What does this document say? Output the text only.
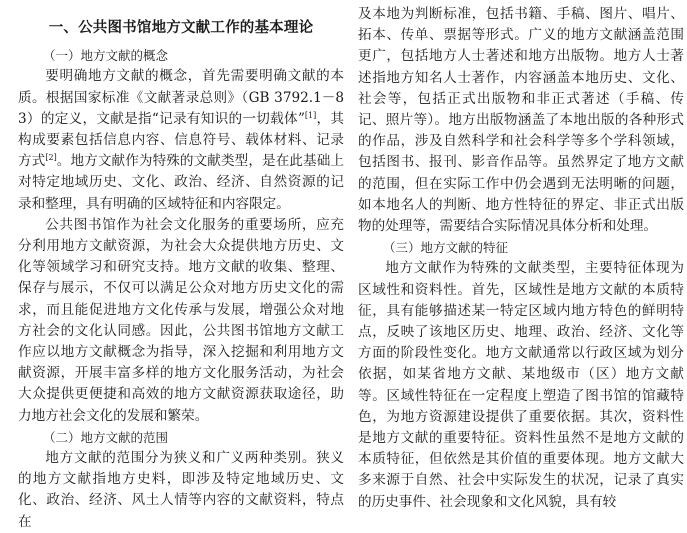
一、公共图书馆地方文献工作的基本理论
（一）地方文献的概念

要明确地方文献的概念，首先需要明确文献的本质。根据国家标准《文献著录总则》（GB 3792.1－83）的定义，文献是指“记录有知识的一切载体”[1]，其构成要素包括信息内容、信息符号、载体材料、记录方式[2]。地方文献作为特殊的文献类型，是在此基础上对特定地域历史、文化、政治、经济、自然资源的记录和整理，具有明确的区域特征和内容限定。

公共图书馆作为社会文化服务的重要场所，应充分利用地方文献资源，为社会大众提供地方历史、文化等领域学习和研究支持。地方文献的收集、整理、保存与展示，不仅可以满足公众对地方历史文化的需求，而且能促进地方文化传承与发展，增强公众对地方社会的文化认同感。因此，公共图书馆地方文献工作应以地方文献概念为指导，深入挖掘和利用地方文献资源，开展丰富多样的地方文化服务活动，为社会大众提供更便捷和高效的地方文献资源获取途径，助力地方社会文化的发展和繁荣。

（二）地方文献的范围

地方文献的范围分为狭义和广义两种类别。狭义的地方文献指地方史料，即涉及特定地域历史、文化、政治、经济、风土人情等内容的文献资料，特点在

及本地为判断标准，包括书籍、手稿、图片、唱片、拓本、传单、票据等形式。广义的地方文献涵盖范围更广，包括地方人士著述和地方出版物。地方人士著述指地方知名人士著作，内容涵盖本地历史、文化、社会等，包括正式出版物和非正式著述（手稿、传记、照片等）。地方出版物涵盖了本地出版的各种形式的作品，涉及自然科学和社会科学等多个学科领域，包括图书、报刊、影音作品等。虽然界定了地方文献的范围，但在实际工作中仍会遇到无法明晰的问题，如本地名人的判断、地方性特征的界定、非正式出版物的处理等，需要结合实际情况具体分析和处理。

（三）地方文献的特征

地方文献作为特殊的文献类型，主要特征体现为区域性和资料性。首先，区域性是地方文献的本质特征，具有能够描述某一特定区域内地方特色的鲜明特点，反映了该地区历史、地理、政治、经济、文化等方面的阶段性变化。地方文献通常以行政区域为划分依据，如某省地方文献、某地级市（区）地方文献等。区域性特征在一定程度上塑造了图书馆的馆藏特色，为地方资源建设提供了重要依据。其次，资料性是地方文献的重要特征。资料性虽然不是地方文献的本质特征，但依然是其价值的重要体现。地方文献大多来源于自然、社会中实际发生的状况，记录了真实的历史事件、社会现象和文化风貌，具有较
